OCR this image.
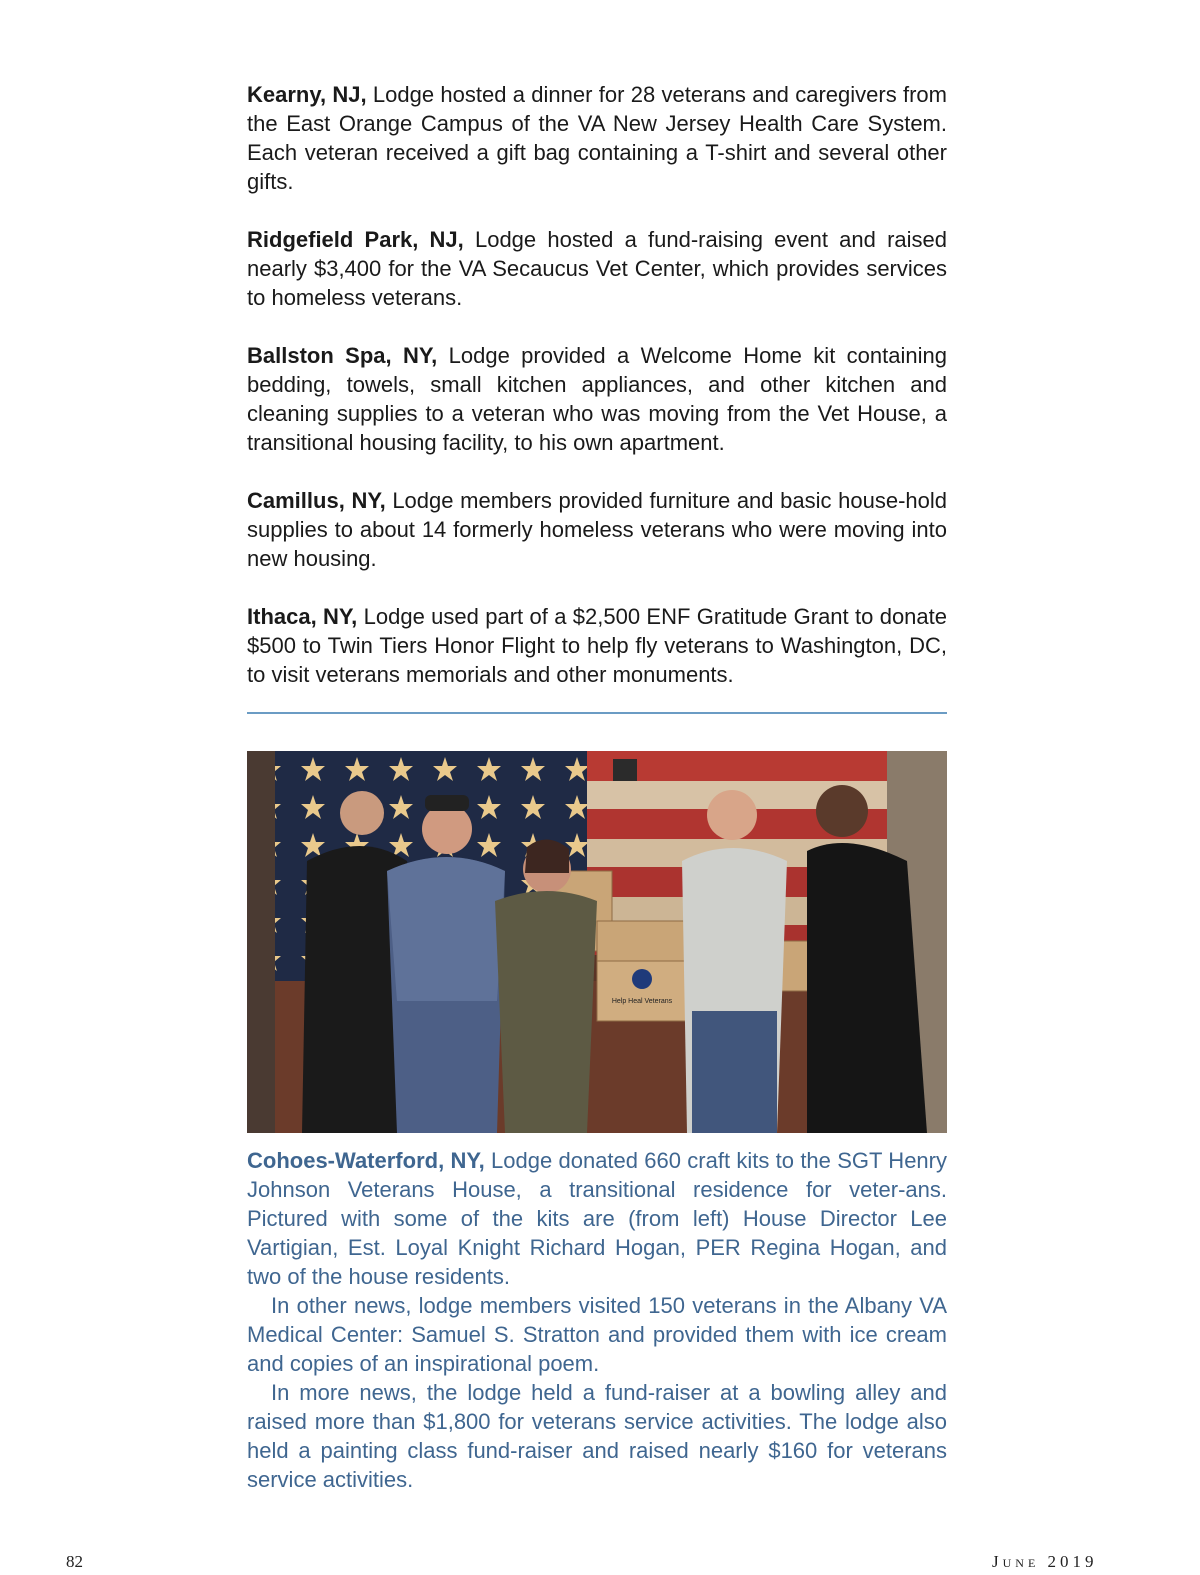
Kearny, NJ, Lodge hosted a dinner for 28 veterans and caregivers from the East Orange Campus of the VA New Jersey Health Care System. Each veteran received a gift bag containing a T-shirt and several other gifts.

Ridgefield Park, NJ, Lodge hosted a fund-raising event and raised nearly $3,400 for the VA Secaucus Vet Center, which provides services to homeless veterans.

Ballston Spa, NY, Lodge provided a Welcome Home kit containing bedding, towels, small kitchen appliances, and other kitchen and cleaning supplies to a veteran who was moving from the Vet House, a transitional housing facility, to his own apartment.

Camillus, NY, Lodge members provided furniture and basic house-hold supplies to about 14 formerly homeless veterans who were moving into new housing.

Ithaca, NY, Lodge used part of a $2,500 ENF Gratitude Grant to donate $500 to Twin Tiers Honor Flight to help fly veterans to Washington, DC, to visit veterans memorials and other monuments.

Help Heal Veterans

Cohoes-Waterford, NY, Lodge donated 660 craft kits to the SGT Henry Johnson Veterans House, a transitional residence for veter-ans. Pictured with some of the kits are (from left) House Director Lee Vartigian, Est. Loyal Knight Richard Hogan, PER Regina Hogan, and two of the house residents.

In other news, lodge members visited 150 veterans in the Albany VA Medical Center: Samuel S. Stratton and provided them with ice cream and copies of an inspirational poem.

In more news, the lodge held a fund-raiser at a bowling alley and raised more than $1,800 for veterans service activities. The lodge also held a painting class fund-raiser and raised nearly $160 for veterans service activities.

82	June 2019
